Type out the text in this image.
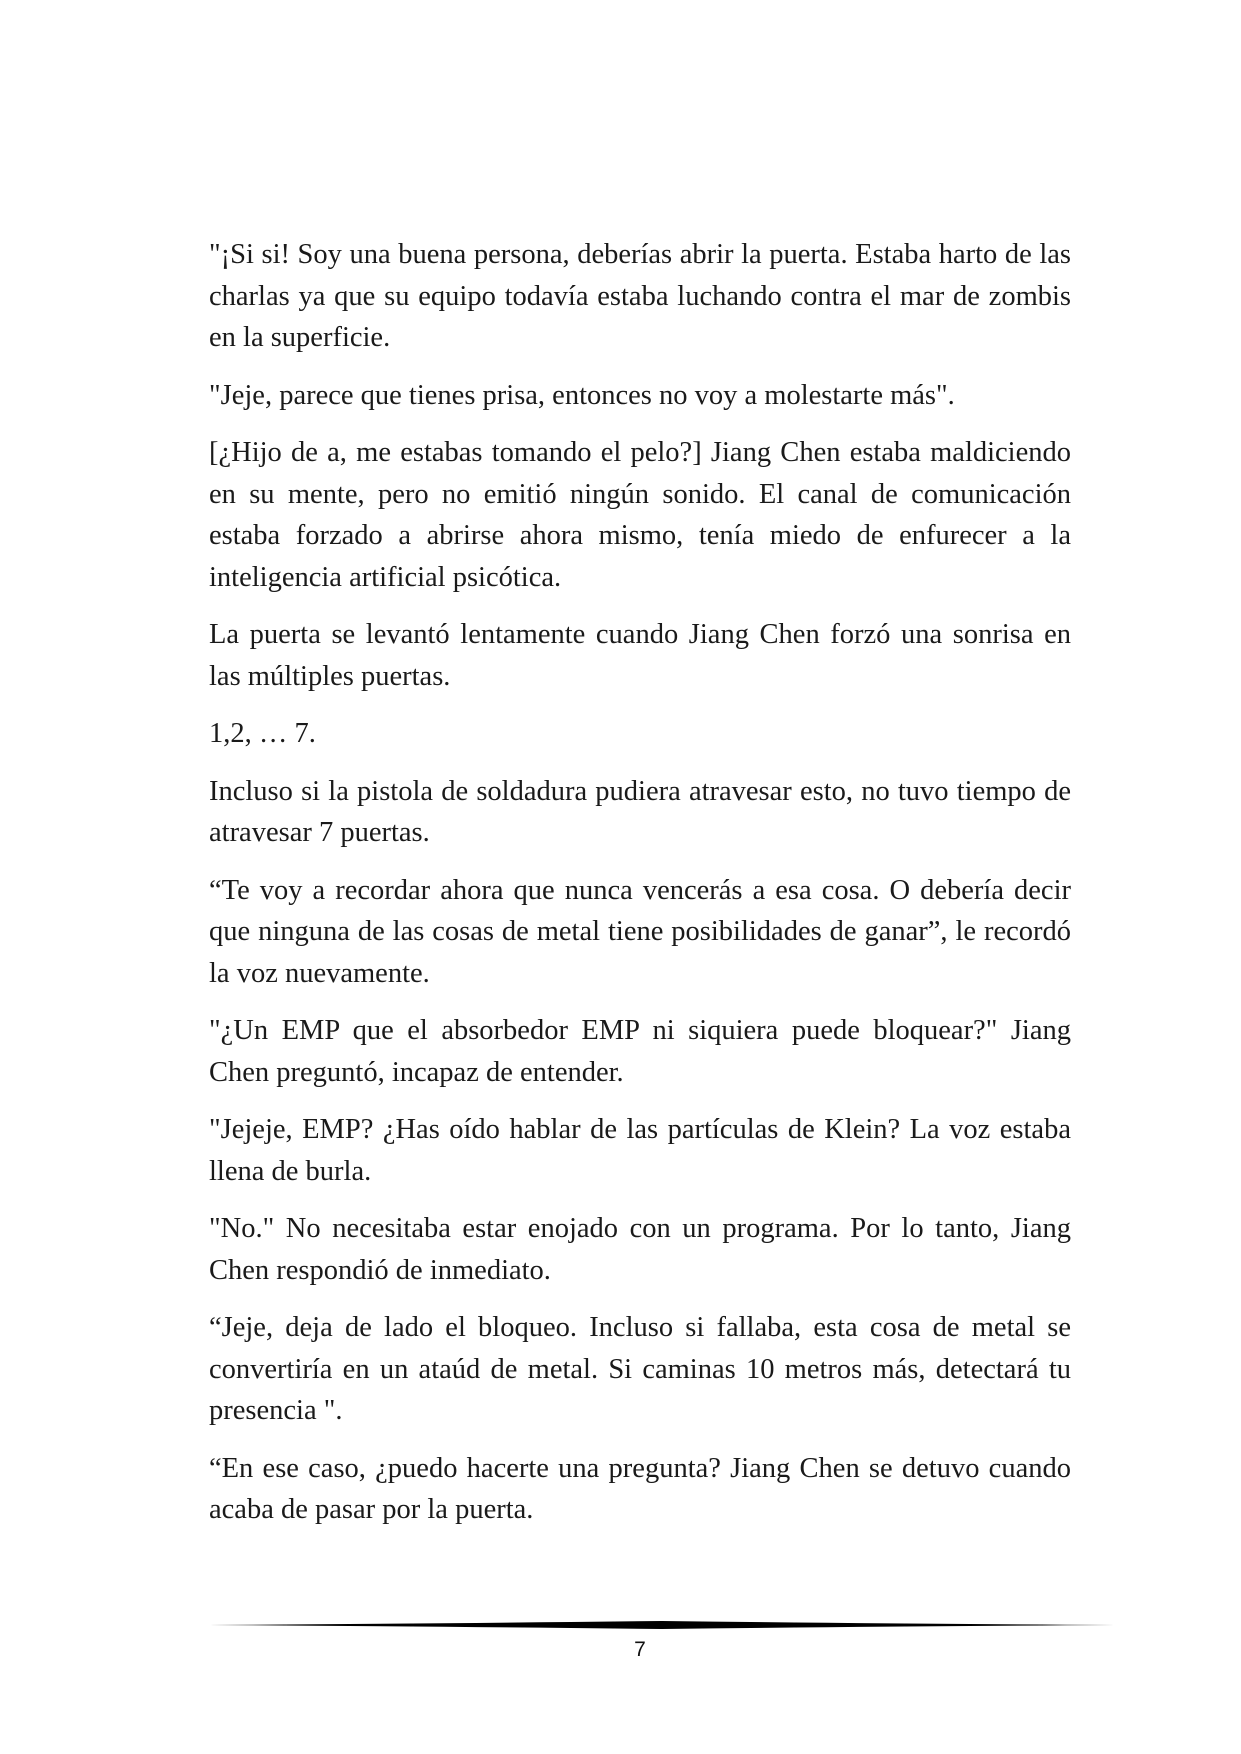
"¡Si si! Soy una buena persona, deberías abrir la puerta. Estaba harto de las charlas ya que su equipo todavía estaba luchando contra el mar de zombis en la superficie.

"Jeje, parece que tienes prisa, entonces no voy a molestarte más".

[¿Hijo de a, me estabas tomando el pelo?] Jiang Chen estaba maldiciendo en su mente, pero no emitió ningún sonido. El canal de comunicación estaba forzado a abrirse ahora mismo, tenía miedo de enfurecer a la inteligencia artificial psicótica.

La puerta se levantó lentamente cuando Jiang Chen forzó una sonrisa en las múltiples puertas.

1,2, … 7.

Incluso si la pistola de soldadura pudiera atravesar esto, no tuvo tiempo de atravesar 7 puertas.

“Te voy a recordar ahora que nunca vencerás a esa cosa. O debería decir que ninguna de las cosas de metal tiene posibilidades de ganar”, le recordó la voz nuevamente.

"¿Un EMP que el absorbedor EMP ni siquiera puede bloquear?" Jiang Chen preguntó, incapaz de entender.

"Jejeje, EMP? ¿Has oído hablar de las partículas de Klein? La voz estaba llena de burla.

"No." No necesitaba estar enojado con un programa. Por lo tanto, Jiang Chen respondió de inmediato.

“Jeje, deja de lado el bloqueo. Incluso si fallaba, esta cosa de metal se convertiría en un ataúd de metal. Si caminas 10 metros más, detectará tu presencia ".

“En ese caso, ¿puedo hacerte una pregunta? Jiang Chen se detuvo cuando acaba de pasar por la puerta.

7
